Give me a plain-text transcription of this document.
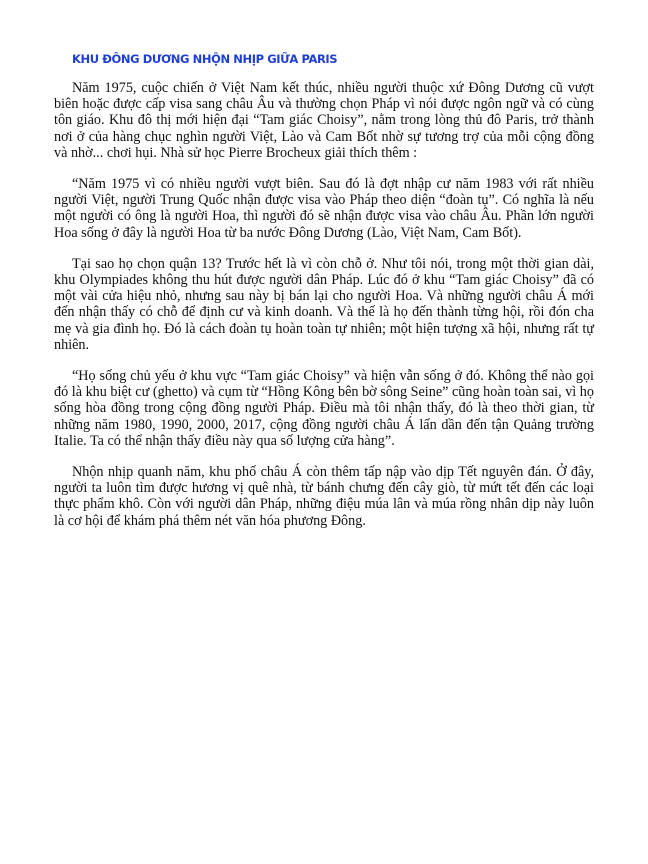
KHU ĐÔNG DƯƠNG NHỘN NHỊP GIỮA PARIS

Năm 1975, cuộc chiến ở Việt Nam kết thúc, nhiều người thuộc xứ Đông Dương cũ vượt biên hoặc được cấp visa sang châu Âu và thường chọn Pháp vì nói được ngôn ngữ và có cùng tôn giáo. Khu đô thị mới hiện đại “Tam giác Choisy”, nằm trong lòng thủ đô Paris, trở thành nơi ở của hàng chục nghìn người Việt, Lào và Cam Bốt nhờ sự tương trợ của mỗi cộng đồng và nhờ... chơi hụi. Nhà sử học Pierre Brocheux giải thích thêm :

“Năm 1975 vì có nhiều người vượt biên. Sau đó là đợt nhập cư năm 1983 với rất nhiều người Việt, người Trung Quốc nhận được visa vào Pháp theo diện “đoàn tụ”. Có nghĩa là nếu một người có ông là người Hoa, thì người đó sẽ nhận được visa vào châu Âu. Phần lớn người Hoa sống ở đây là người Hoa từ ba nước Đông Dương (Lào, Việt Nam, Cam Bốt).

Tại sao họ chọn quận 13? Trước hết là vì còn chỗ ở. Như tôi nói, trong một thời gian dài, khu Olympiades không thu hút được người dân Pháp. Lúc đó ở khu “Tam giác Choisy” đã có một vài cửa hiệu nhỏ, nhưng sau này bị bán lại cho người Hoa. Và những người châu Á mới đến nhận thấy có chỗ để định cư và kinh doanh. Và thế là họ đến thành từng hội, rồi đón cha mẹ và gia đình họ. Đó là cách đoàn tụ hoàn toàn tự nhiên; một hiện tượng xã hội, nhưng rất tự nhiên.

“Họ sống chủ yếu ở khu vực “Tam giác Choisy” và hiện vẫn sống ở đó. Không thể nào gọi đó là khu biệt cư (ghetto) và cụm từ “Hồng Kông bên bờ sông Seine” cũng hoàn toàn sai, vì họ sống hòa đồng trong cộng đồng người Pháp. Điều mà tôi nhận thấy, đó là theo thời gian, từ những năm 1980, 1990, 2000, 2017, cộng đồng người châu Á lấn dần đến tận Quảng trường Italie. Ta có thể nhận thấy điều này qua số lượng cửa hàng”.

Nhộn nhịp quanh năm, khu phố châu Á còn thêm tấp nập vào dịp Tết nguyên đán. Ở đây, người ta luôn tìm được hương vị quê nhà, từ bánh chưng đến cây giò, từ mứt tết đến các loại thực phẩm khô. Còn với người dân Pháp, những điệu múa lân và múa rồng nhân dịp này luôn là cơ hội để khám phá thêm nét văn hóa phương Đông.
